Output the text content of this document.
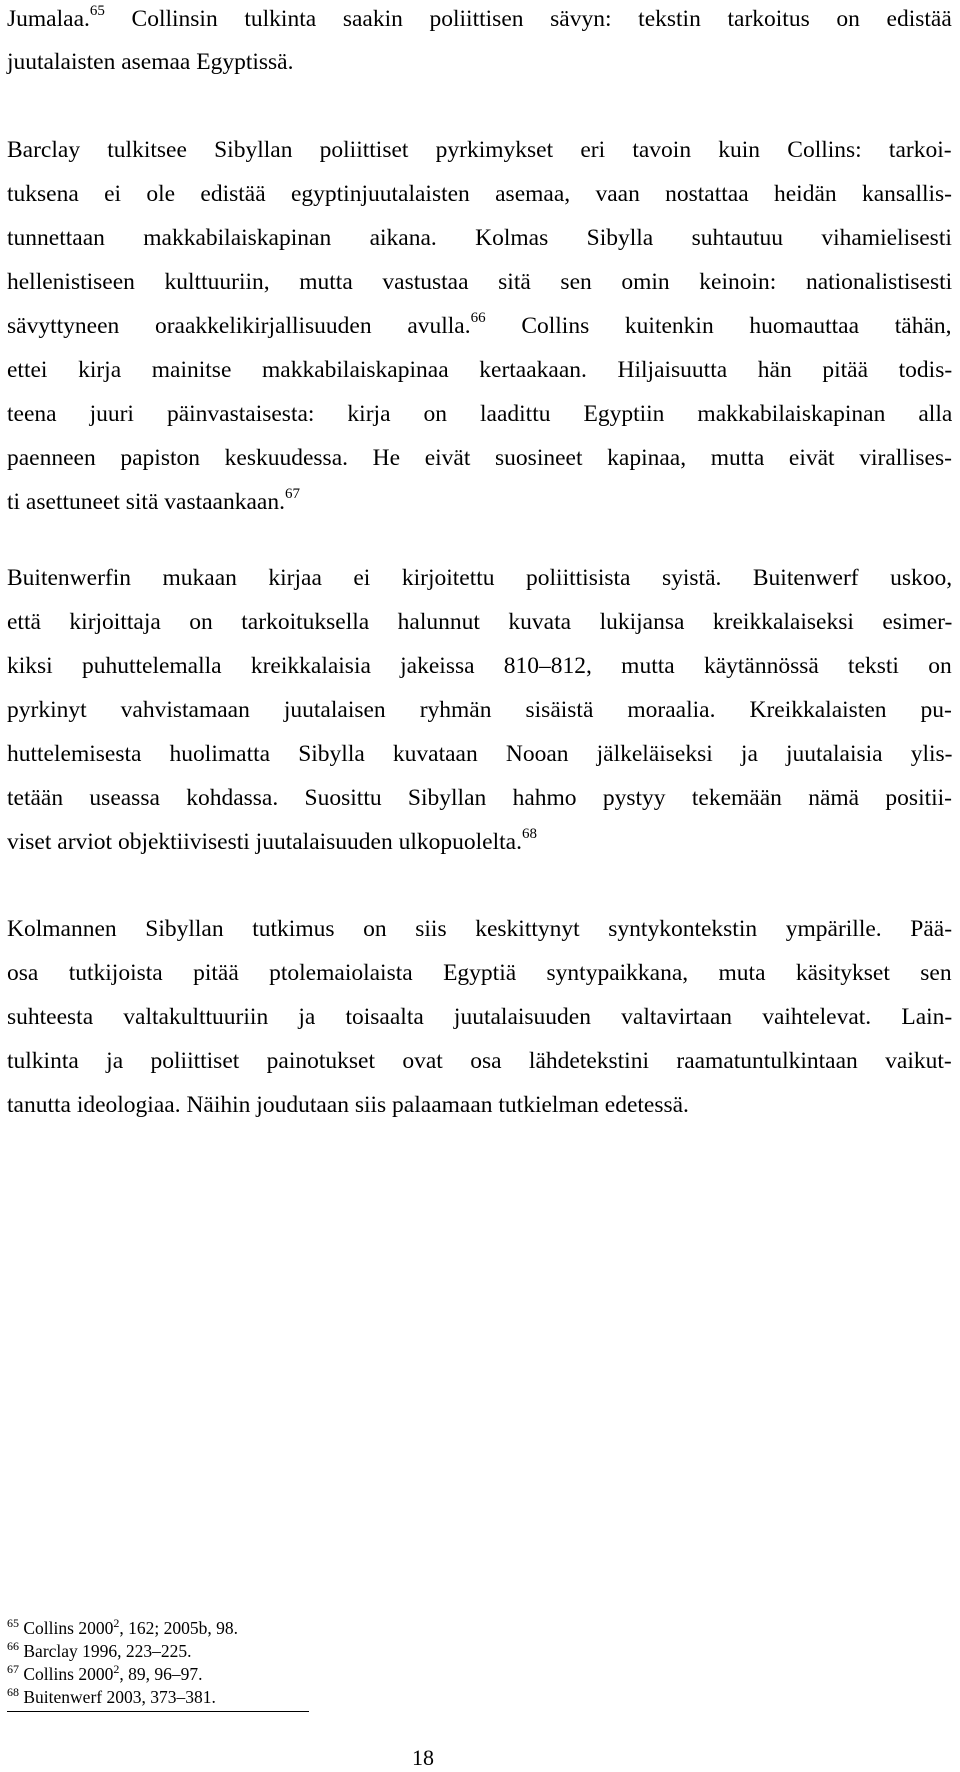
Jumalaa.$^{65}$ Collinsin tulkinta saakin poliittisen sävyn: tekstin tarkoitus on edistää
juutalaisten asemaa Egyptissä.
Barclay tulkitsee Sibyllan poliittiset pyrkimykset eri tavoin kuin Collins: tarkoi-
tuksena ei ole edistää egyptinjuutalaisten asemaa, vaan nostattaa heidän kansallis-
tunnettaan makkabilaiskapinan aikana. Kolmas Sibylla suhtautuu vihamielisesti
hellenistiseen kulttuuriin, mutta vastustaa sitä sen omin keinoin: nationalistisesti
sävyttyneen oraakkelikirjallisuuden avulla.$^{66}$ Collins kuitenkin huomauttaa tähän,
ettei kirja mainitse makkabilaiskapinaa kertaakaan. Hiljaisuutta hän pitää todis-
teena juuri päinvastaisesta: kirja on laadittu Egyptiin makkabilaiskapinan alla
paenneen papiston keskuudessa. He eivät suosineet kapinaa, mutta eivät virallises-
ti asettuneet sitä vastaankaan.$^{67}$
Buitenwerfin mukaan kirjaa ei kirjoitettu poliittisista syistä. Buitenwerf uskoo,
että kirjoittaja on tarkoituksella halunnut kuvata lukijansa kreikkalaiseksi esimer-
kiksi puhuttelemalla kreikkalaisia jakeissa 810–812, mutta käytännössä teksti on
pyrkinyt vahvistamaan juutalaisen ryhmän sisäistä moraalia. Kreikkalaisten pu-
huttelemisesta huolimatta Sibylla kuvataan Nooan jälkeläiseksi ja juutalaisia ylis-
tetään useassa kohdassa. Suosittu Sibyllan hahmo pystyy tekemään nämä positii-
viset arviot objektiivisesti juutalaisuuden ulkopuolelta.$^{68}$
Kolmannen Sibyllan tutkimus on siis keskittynyt syntykontekstin ympärille. Pää-
osa tutkijoista pitää ptolemaiolaista Egyptiä syntypaikkana, muta käsitykset sen
suhteesta valtakulttuuriin ja toisaalta juutalaisuuden valtavirtaan vaihtelevat. Lain-
tulkinta ja poliittiset painotukset ovat osa lähdetekstini raamatuntulkintaan vaikut-
tanutta ideologiaa. Näihin joudutaan siis palaamaan tutkielman edetessä.
$^{65}$ Collins 2000$^2$, 162; 2005b, 98.
$^{66}$ Barclay 1996, 223–225.
$^{67}$ Collins 2000$^2$, 89, 96–97.
$^{68}$ Buitenwerf 2003, 373–381.
18
